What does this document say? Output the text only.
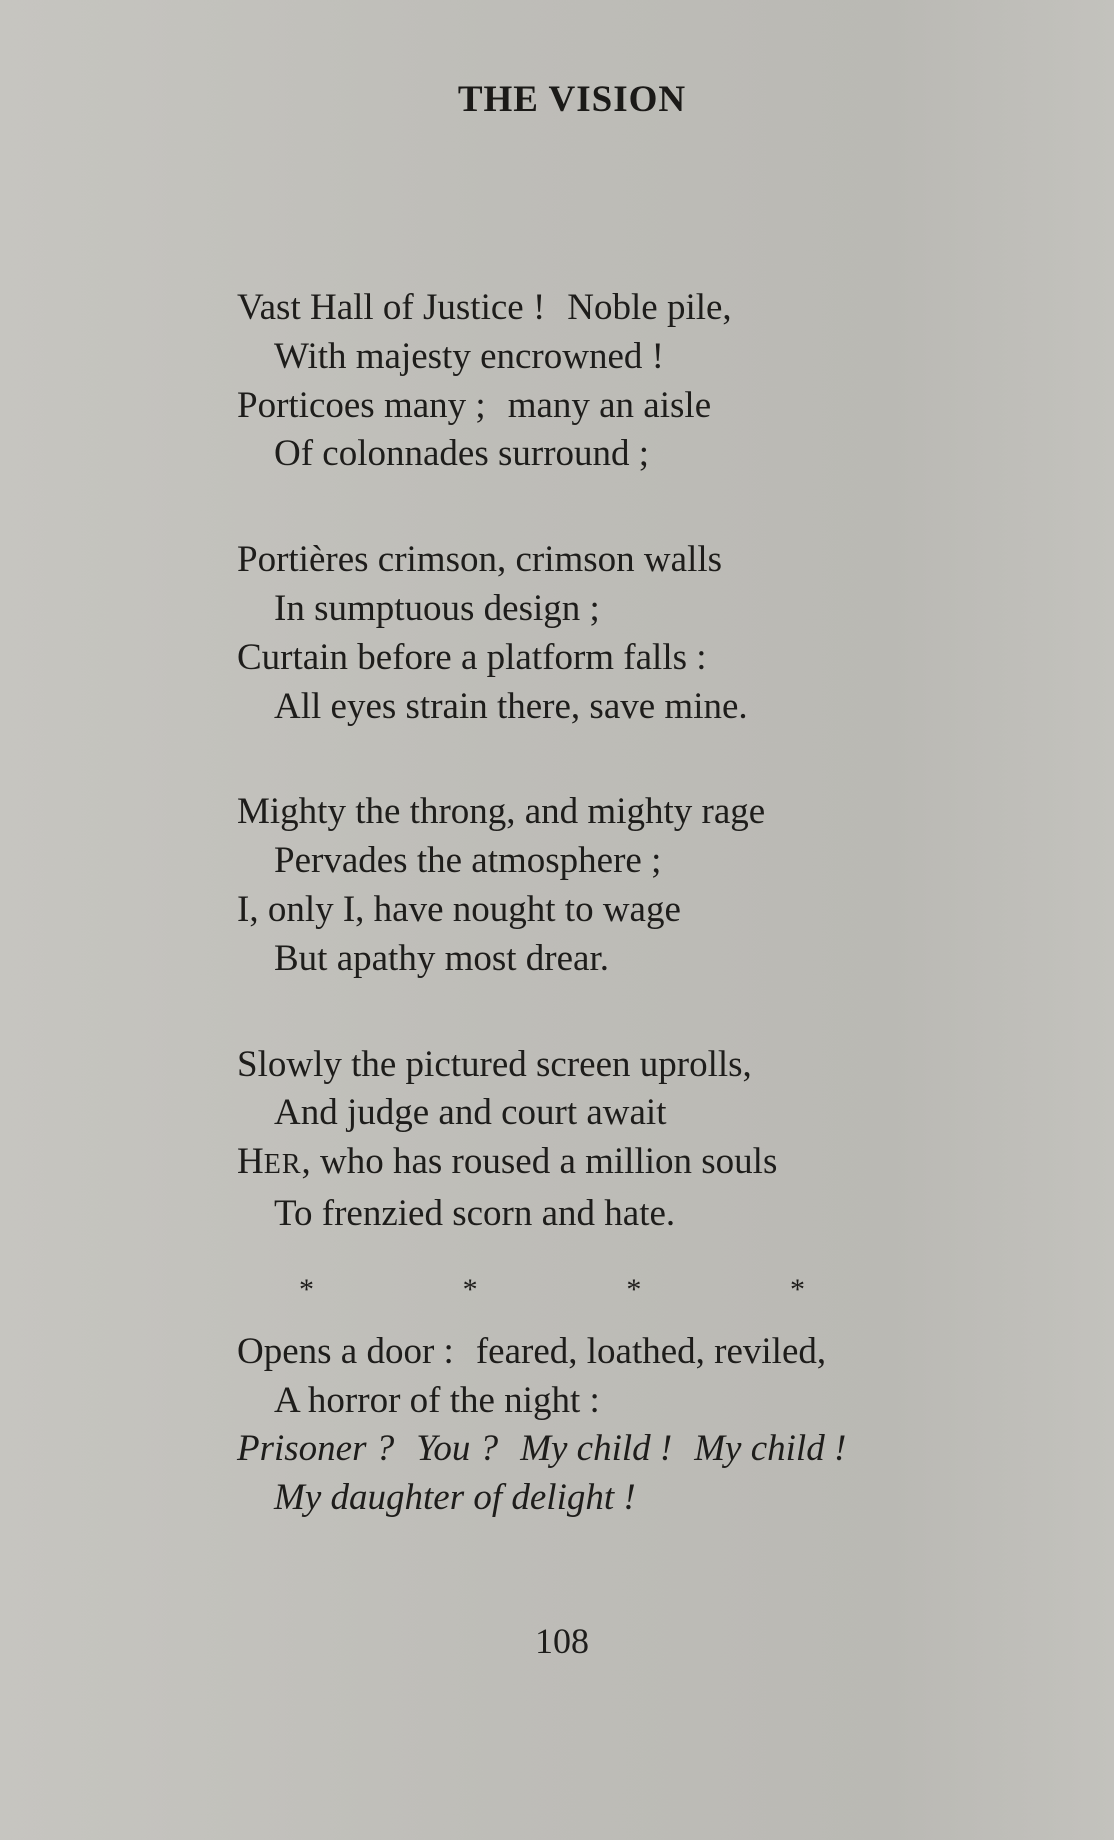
THE VISION
Vast Hall of Justice ! Noble pile,
With majesty encrowned !
Porticoes many ; many an aisle
Of colonnades surround ;
Portières crimson, crimson walls
In sumptuous design ;
Curtain before a platform falls :
All eyes strain there, save mine.
Mighty the throng, and mighty rage
Pervades the atmosphere ;
I, only I, have nought to wage
But apathy most drear.
Slowly the pictured screen uprolls,
And judge and court await
HER, who has roused a million souls
To frenzied scorn and hate.
*	*	*	*
Opens a door : feared, loathed, reviled,
A horror of the night :
Prisoner ? You ? My child ! My child !
My daughter of delight !
108
